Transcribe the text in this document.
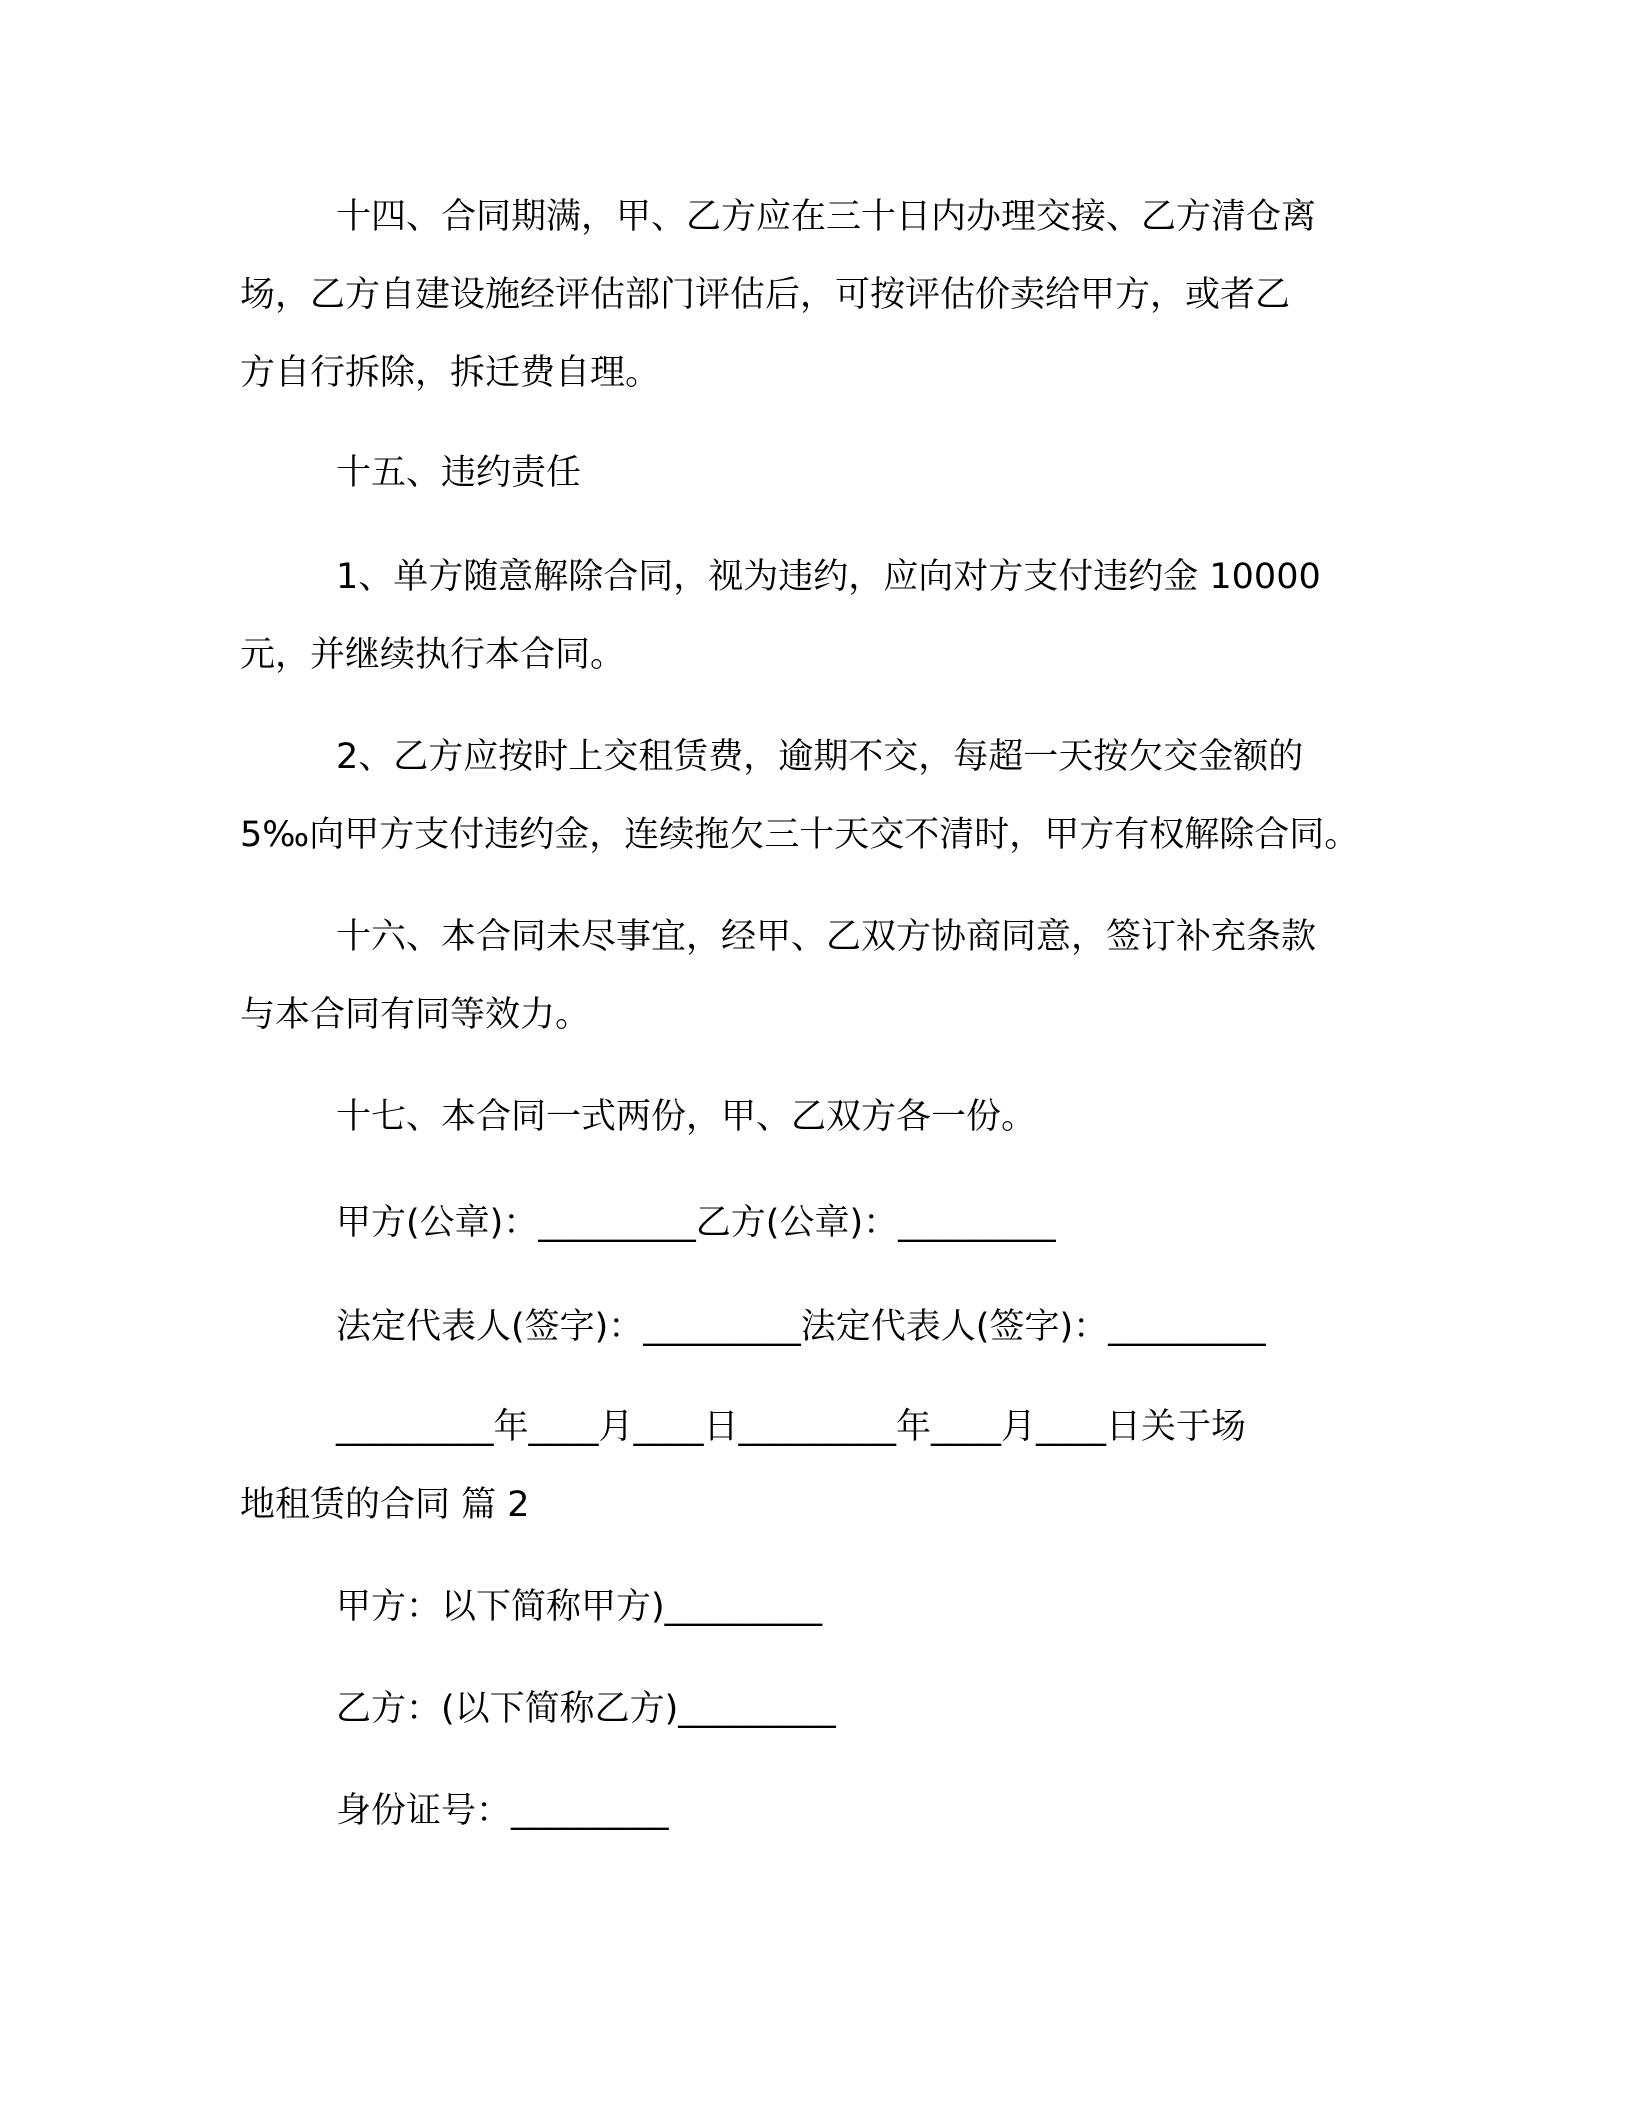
十四、合同期满，甲、乙方应在三十日内办理交接、乙方清仓离
场，乙方自建设施经评估部门评估后，可按评估价卖给甲方，或者乙
方自行拆除，拆迁费自理。
十五、违约责任
1、单方随意解除合同，视为违约，应向对方支付违约金 10000
元，并继续执行本合同。
2、乙方应按时上交租赁费，逾期不交，每超一天按欠交金额的
5‰向甲方支付违约金，连续拖欠三十天交不清时，甲方有权解除合同。
十六、本合同未尽事宜，经甲、乙双方协商同意，签订补充条款
与本合同有同等效力。
十七、本合同一式两份，甲、乙双方各一份。
甲方(公章)：_________乙方(公章)：_________
法定代表人(签字)：_________法定代表人(签字)：_________
_________年____月____日_________年____月____日关于场
地租赁的合同 篇 2
甲方：以下简称甲方)_________
乙方：(以下简称乙方)_________
身份证号：_________
